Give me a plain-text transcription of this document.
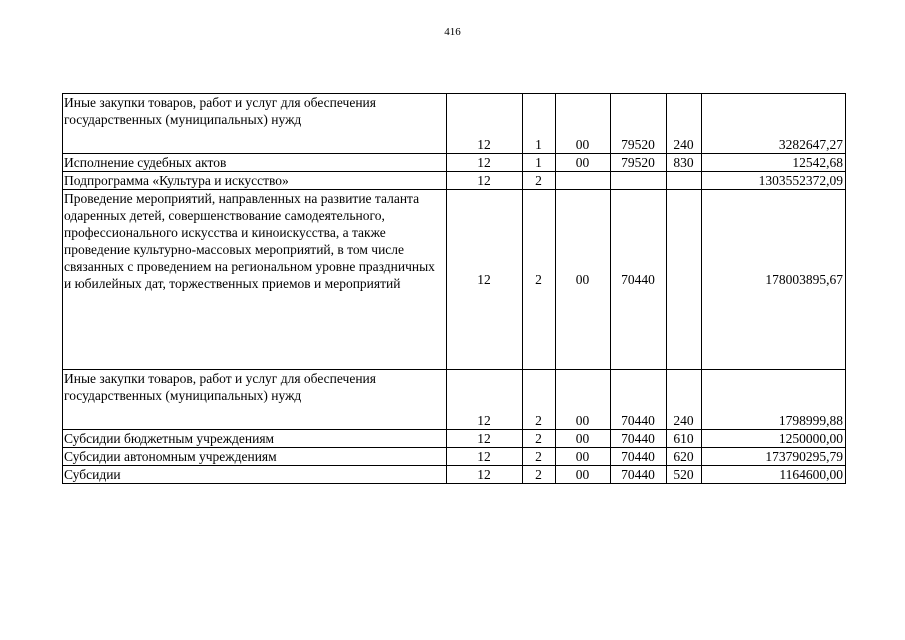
416
Иные закупки товаров, работ и услуг для обеспечения государственных (муниципальных) нужд	12	1	00	79520	240	3282647,27
Исполнение судебных актов	12	1	00	79520	830	12542,68
Подпрограмма «Культура и искусство»	12	2				1303552372,09
Проведение мероприятий, направленных на развитие таланта одаренных детей, совершенствование самодеятельного, профессионального искусства и киноискусства, а также проведение культурно-массовых мероприятий, в том числе связанных с проведением на региональном уровне праздничных и юбилейных дат, торжественных приемов и мероприятий	12	2	00	70440		178003895,67
Иные закупки товаров, работ и услуг для обеспечения государственных (муниципальных) нужд	12	2	00	70440	240	1798999,88
Субсидии бюджетным учреждениям	12	2	00	70440	610	1250000,00
Субсидии автономным учреждениям	12	2	00	70440	620	173790295,79
Субсидии	12	2	00	70440	520	1164600,00
